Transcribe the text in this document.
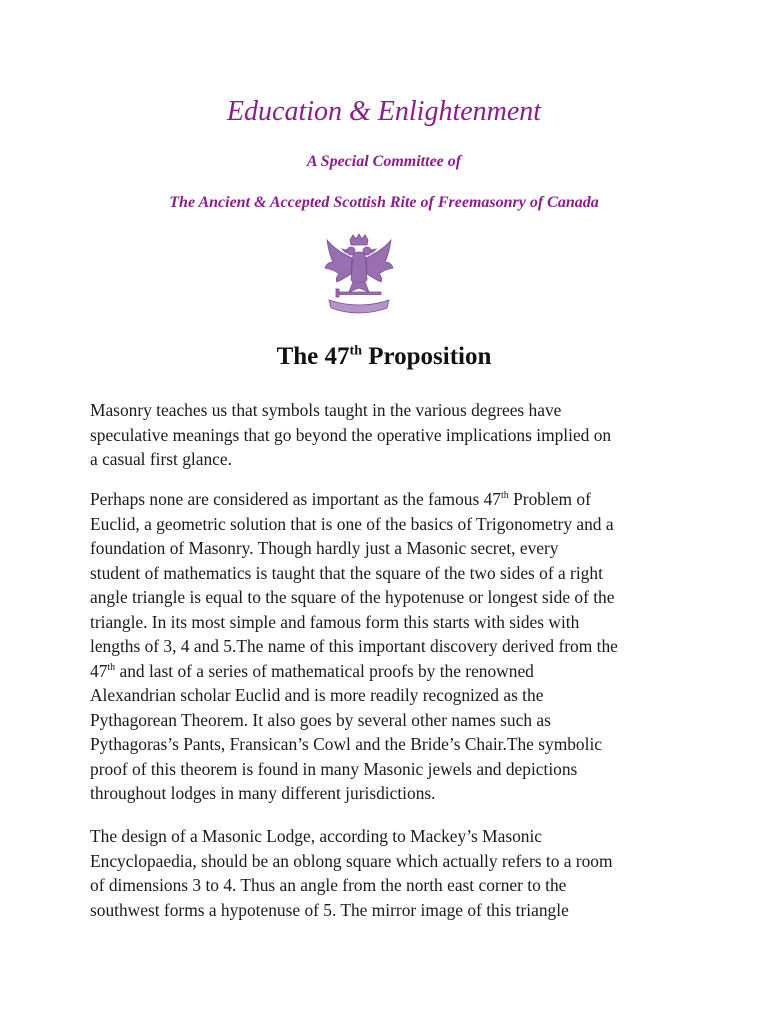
Education & Enlightenment
A Special Committee of
The Ancient & Accepted Scottish Rite of Freemasonry of Canada
The 47th Proposition
Masonry teaches us that symbols taught in the various degrees have
speculative meanings that go beyond the operative implications implied on
a casual first glance.
Perhaps none are considered as important as the famous 47th Problem of
Euclid, a geometric solution that is one of the basics of Trigonometry and a
foundation of Masonry. Though hardly just a Masonic secret, every
student of mathematics is taught that the square of the two sides of a right
angle triangle is equal to the square of the hypotenuse or longest side of the
triangle. In its most simple and famous form this starts with sides with
lengths of 3, 4 and 5.The name of this important discovery derived from the
47th and last of a series of mathematical proofs by the renowned
Alexandrian scholar Euclid and is more readily recognized as the
Pythagorean Theorem. It also goes by several other names such as
Pythagoras’s Pants, Fransican’s Cowl and the Bride’s Chair.The symbolic
proof of this theorem is found in many Masonic jewels and depictions
throughout lodges in many different jurisdictions.
The design of a Masonic Lodge, according to Mackey’s Masonic
Encyclopaedia, should be an oblong square which actually refers to a room
of dimensions 3 to 4. Thus an angle from the north east corner to the
southwest forms a hypotenuse of 5. The mirror image of this triangle
